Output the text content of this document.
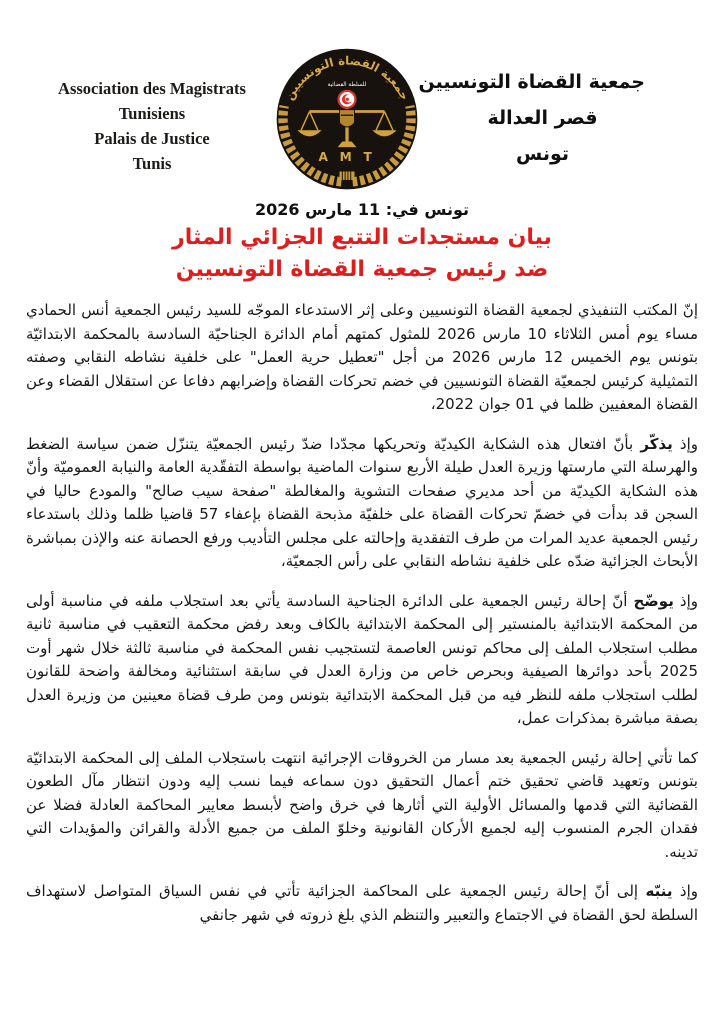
Association des Magistrats
Tunisiens
Palais de Justice
Tunis
جمعية القضاة التونسيين
للسلطة القضائية
A M T
جمعية القضاة التونسيين
قصر العدالة
تونس
تونس في: 11 مارس 2026
بيان مستجدات التتبع الجزائي المثار
ضد رئيس جمعية القضاة التونسيين

إنّ المكتب التنفيذي لجمعية القضاة التونسيين وعلى إثر الاستدعاء الموجّه للسيد رئيس الجمعية أنس الحمادي مساء يوم أمس الثلاثاء 10 مارس 2026 للمثول كمتهم أمام الدائرة الجناحيّة السادسة بالمحكمة الابتدائيّة بتونس يوم الخميس 12 مارس 2026 من أجل "تعطيل حرية العمل" على خلفية نشاطه النقابي وصفته التمثيلية كرئيس لجمعيّة القضاة التونسيين في خضم تحركات القضاة وإضرابهم دفاعا عن استقلال القضاء وعن القضاة المعفيين ظلما في 01 جوان 2022،

وإذ يذكّر بأنّ افتعال هذه الشكاية الكيديّة وتحريكها مجدّدا ضدّ رئيس الجمعيّة يتنزّل ضمن سياسة الضغط والهرسلة التي مارستها وزيرة العدل طيلة الأربع سنوات الماضية بواسطة التفقّدية العامة والنيابة العموميّة وأنّ هذه الشكاية الكيديّة من أحد مديري صفحات التشوية والمغالطة "صفحة سيب صالح" والمودع حاليا في السجن قد بدأت في خضمّ تحركات القضاة على خلفيّة مذبحة القضاة بإعفاء 57 قاضيا ظلما وذلك باستدعاء رئيس الجمعية عديد المرات من طرف التفقدية وإحالته على مجلس التأديب ورفع الحصانة عنه والإذن بمباشرة الأبحاث الجزائية ضدّه على خلفية نشاطه النقابي على رأس الجمعيّة،

وإذ يوضّح أنّ إحالة رئيس الجمعية على الدائرة الجناحية السادسة يأتي بعد استجلاب ملفه في مناسبة أولى من المحكمة الابتدائية بالمنستير إلى المحكمة الابتدائية بالكاف وبعد رفض محكمة التعقيب في مناسبة ثانية مطلب استجلاب الملف إلى محاكم تونس العاصمة لتستجيب نفس المحكمة في مناسبة ثالثة خلال شهر أوت 2025 بأحد دوائرها الصيفية وبحرص خاص من وزارة العدل في سابقة استثنائية ومخالفة واضحة للقانون لطلب استجلاب ملفه للنظر فيه من قبل المحكمة الابتدائية بتونس ومن طرف قضاة معينين من وزيرة العدل بصفة مباشرة بمذكرات عمل،

كما تأتي إحالة رئيس الجمعية بعد مسار من الخروقات الإجرائية انتهت باستجلاب الملف إلى المحكمة الابتدائيّة بتونس وتعهيد قاضي تحقيق ختم أعمال التحقيق دون سماعه فيما نسب إليه ودون انتظار مآل الطعون القضائية التي قدمها والمسائل الأولية التي أثارها في خرق واضح لأبسط معايير المحاكمة العادلة فضلا عن فقدان الجرم المنسوب إليه لجميع الأركان القانونية وخلوّ الملف من جميع الأدلة والقرائن والمؤيدات التي تدينه.

وإذ ينبّه إلى أنّ إحالة رئيس الجمعية على المحاكمة الجزائية تأتي في نفس السياق المتواصل لاستهداف السلطة لحق القضاة في الاجتماع والتعبير والتنظم الذي بلغ ذروته في شهر جانفي
